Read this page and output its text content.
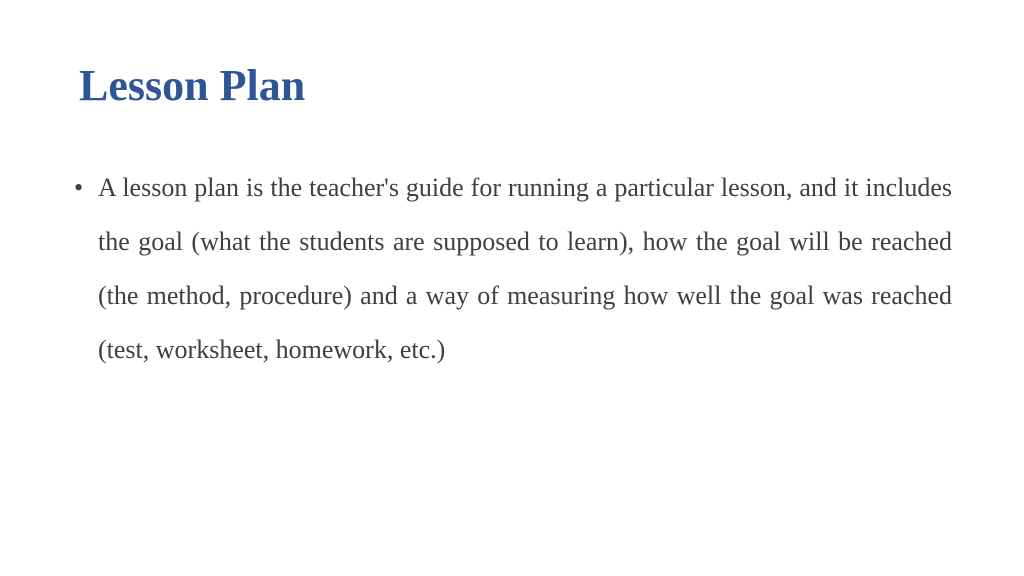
Lesson Plan
• A lesson plan is the teacher's guide for running a particular lesson, and it includes the goal (what the students are supposed to learn), how the goal will be reached (the method, procedure) and a way of measuring how well the goal was reached (test, worksheet, homework, etc.)
